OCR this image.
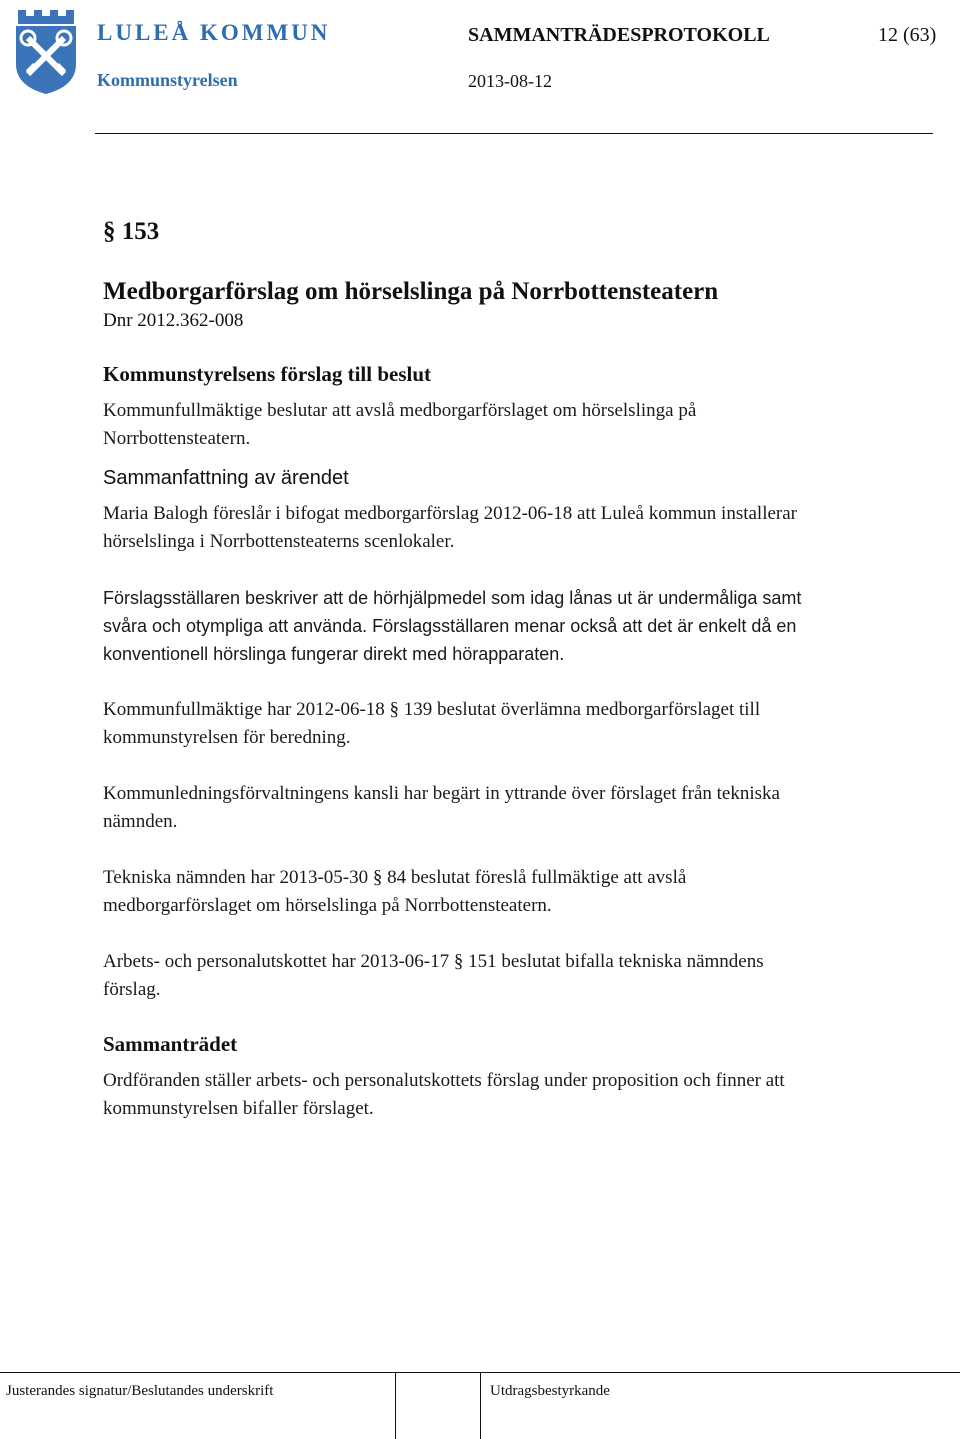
LULEÅ KOMMUN
Kommunstyrelsen
SAMMANTRÄDESPROTOKOLL	12 (63)
2013-08-12
§ 153
Medborgarförslag om hörselslinga på Norrbottensteatern
Dnr 2012.362-008
Kommunstyrelsens förslag till beslut

Kommunfullmäktige beslutar att avslå medborgarförslaget om hörselslinga på Norrbottensteatern.

Sammanfattning av ärendet

Maria Balogh föreslår i bifogat medborgarförslag 2012-06-18 att Luleå kommun installerar hörselslinga i Norrbottensteaterns scenlokaler.

Förslagsställaren beskriver att de hörhjälpmedel som idag lånas ut är undermåliga samt svåra och otympliga att använda. Förslagsställaren menar också att det är enkelt då en konventionell hörslinga fungerar direkt med hörapparaten.

Kommunfullmäktige har 2012-06-18 § 139 beslutat överlämna medborgarförslaget till kommunstyrelsen för beredning.

Kommunledningsförvaltningens kansli har begärt in yttrande över förslaget från tekniska nämnden.

Tekniska nämnden har 2013-05-30 § 84 beslutat föreslå fullmäktige att avslå medborgarförslaget om hörselslinga på Norrbottensteatern.

Arbets- och personalutskottet har 2013-06-17 § 151 beslutat bifalla tekniska nämndens förslag.

Sammanträdet

Ordföranden ställer arbets- och personalutskottets förslag under proposition och finner att kommunstyrelsen bifaller förslaget.

Justerandes signatur/Beslutandes underskrift	Utdragsbestyrkande
